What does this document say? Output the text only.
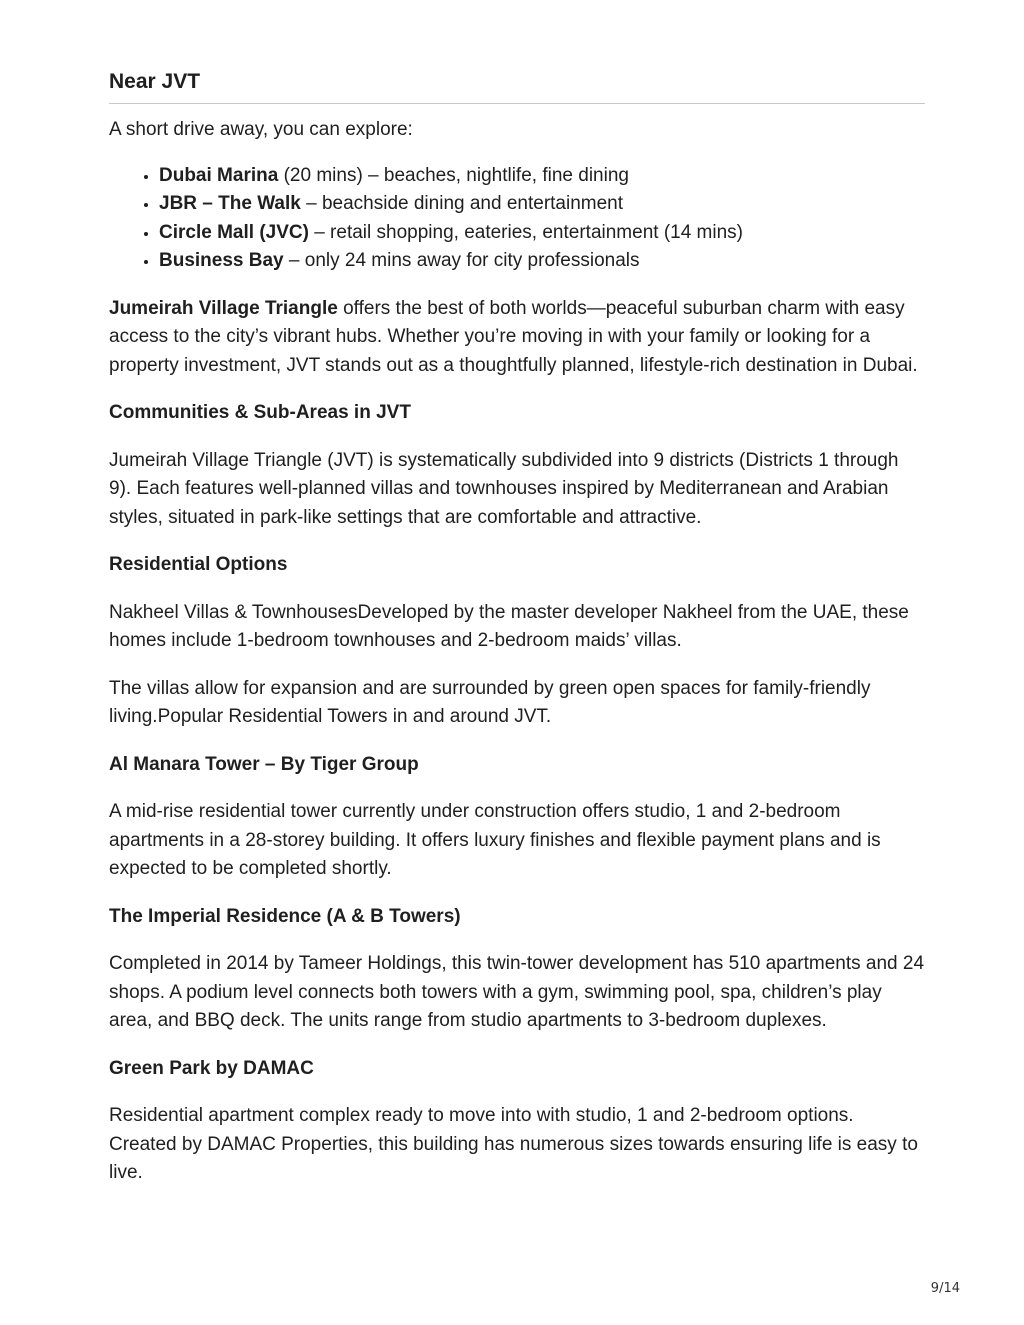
Near JVT

A short drive away, you can explore:

• Dubai Marina (20 mins) – beaches, nightlife, fine dining
• JBR – The Walk – beachside dining and entertainment
• Circle Mall (JVC) – retail shopping, eateries, entertainment (14 mins)
• Business Bay – only 24 mins away for city professionals

Jumeirah Village Triangle offers the best of both worlds—peaceful suburban charm with easy access to the city’s vibrant hubs. Whether you’re moving in with your family or looking for a property investment, JVT stands out as a thoughtfully planned, lifestyle-rich destination in Dubai.

Communities & Sub-Areas in JVT

Jumeirah Village Triangle (JVT) is systematically subdivided into 9 districts (Districts 1 through 9). Each features well-planned villas and townhouses inspired by Mediterranean and Arabian styles, situated in park-like settings that are comfortable and attractive.

Residential Options

Nakheel Villas & TownhousesDeveloped by the master developer Nakheel from the UAE, these homes include 1-bedroom townhouses and 2-bedroom maids’ villas.

The villas allow for expansion and are surrounded by green open spaces for family-friendly living.Popular Residential Towers in and around JVT.

Al Manara Tower – By Tiger Group

A mid-rise residential tower currently under construction offers studio, 1 and 2-bedroom apartments in a 28-storey building. It offers luxury finishes and flexible payment plans and is expected to be completed shortly.

The Imperial Residence (A & B Towers)

Completed in 2014 by Tameer Holdings, this twin-tower development has 510 apartments and 24 shops. A podium level connects both towers with a gym, swimming pool, spa, children’s play area, and BBQ deck. The units range from studio apartments to 3-bedroom duplexes.

Green Park by DAMAC

Residential apartment complex ready to move into with studio, 1 and 2-bedroom options. Created by DAMAC Properties, this building has numerous sizes towards ensuring life is easy to live.

9/14
